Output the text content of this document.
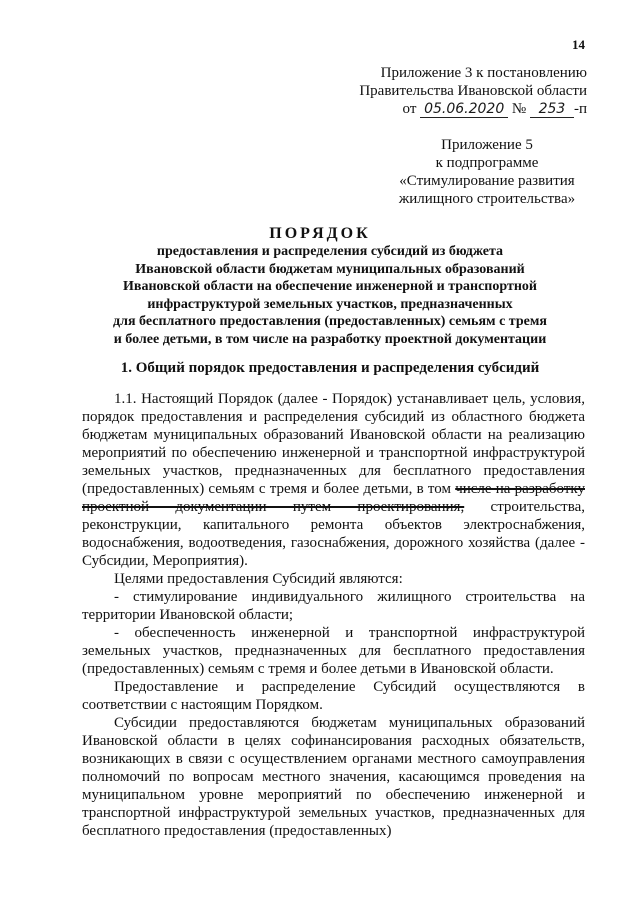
14
Приложение 3 к постановлению
Правительства Ивановской области
от 05.06.2020 № 253 -п
Приложение 5
к подпрограмме
«Стимулирование развития
жилищного строительства»
ПОРЯДОК
предоставления и распределения субсидий из бюджета
Ивановской области бюджетам муниципальных образований
Ивановской области на обеспечение инженерной и транспортной
инфраструктурой земельных участков, предназначенных
для бесплатного предоставления (предоставленных) семьям с тремя
и более детьми, в том числе на разработку проектной документации
1. Общий порядок предоставления и распределения субсидий

1.1. Настоящий Порядок (далее - Порядок) устанавливает цель, условия, порядок предоставления и распределения субсидий из областного бюджета бюджетам муниципальных образований Ивановской области на реализацию мероприятий по обеспечению инженерной и транспортной инфраструктурой земельных участков, предназначенных для бесплатного предоставления (предоставленных) семьям с тремя и более детьми, в том числе на разработку проектной документации путем проектирования, строительства, реконструкции, капитального ремонта объектов электроснабжения, водоснабжения, водоотведения, газоснабжения, дорожного хозяйства (далее - Субсидии, Мероприятия).

Целями предоставления Субсидий являются:

- стимулирование индивидуального жилищного строительства на территории Ивановской области;

- обеспеченность инженерной и транспортной инфраструктурой земельных участков, предназначенных для бесплатного предоставления (предоставленных) семьям с тремя и более детьми в Ивановской области.

Предоставление и распределение Субсидий осуществляются в соответствии с настоящим Порядком.

Субсидии предоставляются бюджетам муниципальных образований Ивановской области в целях софинансирования расходных обязательств, возникающих в связи с осуществлением органами местного самоуправления полномочий по вопросам местного значения, касающимся проведения на муниципальном уровне мероприятий по обеспечению инженерной и транспортной инфраструктурой земельных участков, предназначенных для бесплатного предоставления (предоставленных)
